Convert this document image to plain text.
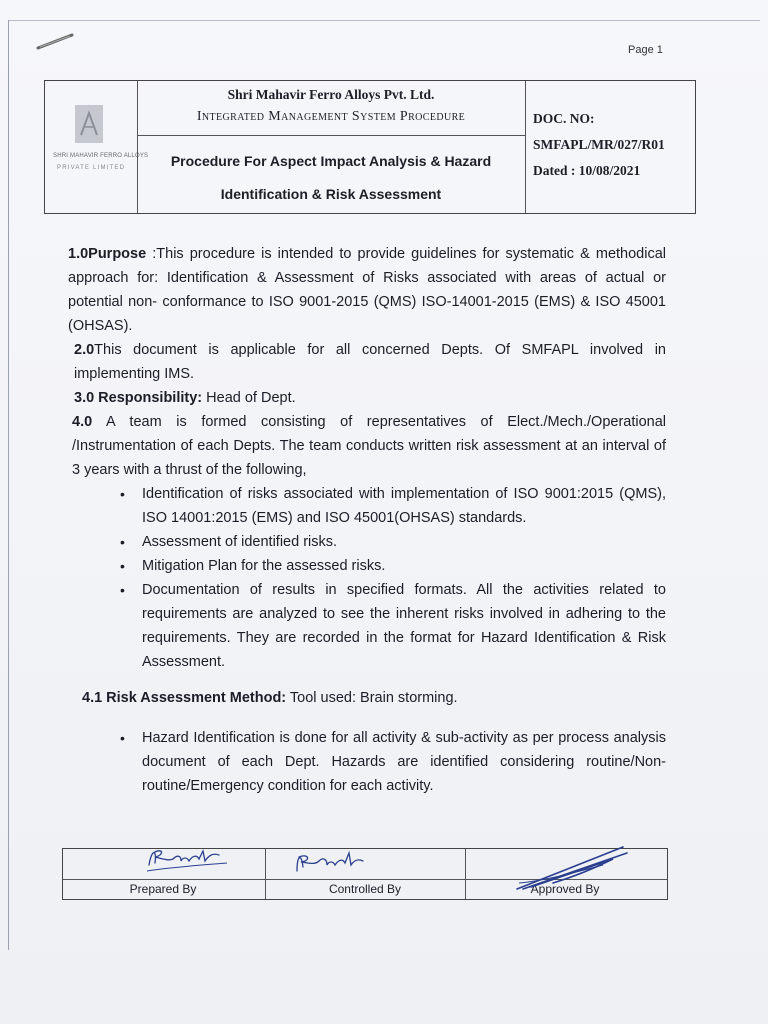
Page 1
SHRI MAHAVIR FERRO ALLOYS
PRIVATE LIMITED
Shri Mahavir Ferro Alloys Pvt. Ltd.
Integrated Management System Procedure
Procedure For Aspect Impact Analysis & Hazard
Identification & Risk Assessment
DOC. NO:
SMFAPL/MR/027/R01
Dated : 10/08/2021

1.0Purpose :This procedure is intended to provide guidelines for systematic & methodical approach for: Identification & Assessment of Risks associated with areas of actual or potential non- conformance to ISO 9001-2015 (QMS) ISO-14001-2015 (EMS) & ISO 45001 (OHSAS).

2.0This document is applicable for all concerned Depts. Of SMFAPL involved in implementing IMS.

3.0 Responsibility: Head of Dept.

4.0 A team is formed consisting of representatives of Elect./Mech./Operational /Instrumentation of each Depts. The team conducts written risk assessment at an interval of 3 years with a thrust of the following,

• Identification of risks associated with implementation of ISO 9001:2015 (QMS), ISO 14001:2015 (EMS) and ISO 45001(OHSAS) standards.
• Assessment of identified risks.
• Mitigation Plan for the assessed risks.
• Documentation of results in specified formats. All the activities related to requirements are analyzed to see the inherent risks involved in adhering to the requirements. They are recorded in the format for Hazard Identification & Risk Assessment.

4.1 Risk Assessment Method: Tool used: Brain storming.

• Hazard Identification is done for all activity & sub-activity as per process analysis document of each Dept. Hazards are identified considering routine/Non-routine/Emergency condition for each activity.
Prepared By	Controlled By	Approved By
